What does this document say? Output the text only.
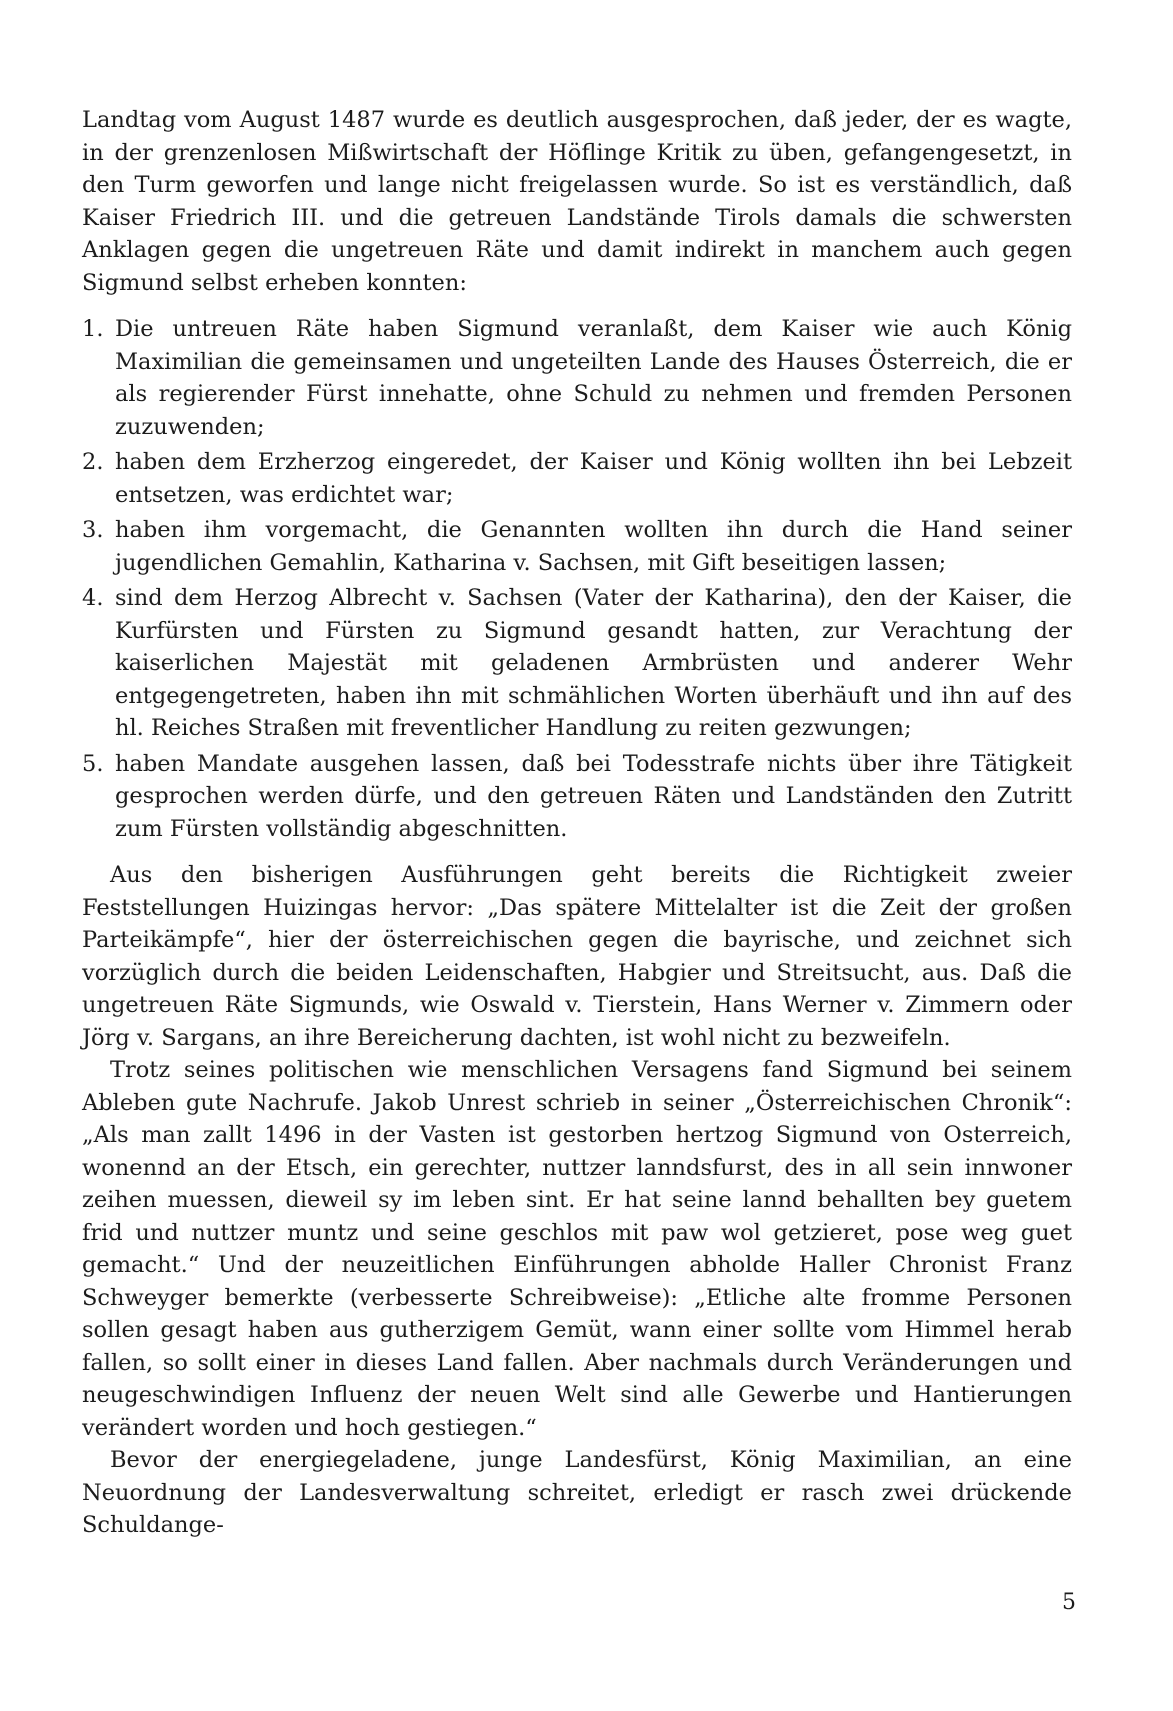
Landtag vom August 1487 wurde es deutlich ausgesprochen, daß jeder, der es wagte, in der grenzenlosen Mißwirtschaft der Höflinge Kritik zu üben, gefangengesetzt, in den Turm geworfen und lange nicht freigelassen wurde. So ist es verständlich, daß Kaiser Friedrich III. und die getreuen Landstände Tirols damals die schwersten Anklagen gegen die ungetreuen Räte und damit indirekt in manchem auch gegen Sigmund selbst erheben konnten:

1. Die untreuen Räte haben Sigmund veranlaßt, dem Kaiser wie auch König Maximilian die gemeinsamen und ungeteilten Lande des Hauses Österreich, die er als regierender Fürst innehatte, ohne Schuld zu nehmen und fremden Personen zuzuwenden;
2. haben dem Erzherzog eingeredet, der Kaiser und König wollten ihn bei Lebzeit entsetzen, was erdichtet war;
3. haben ihm vorgemacht, die Genannten wollten ihn durch die Hand seiner jugendlichen Gemahlin, Katharina v. Sachsen, mit Gift beseitigen lassen;
4. sind dem Herzog Albrecht v. Sachsen (Vater der Katharina), den der Kaiser, die Kurfürsten und Fürsten zu Sigmund gesandt hatten, zur Verachtung der kaiserlichen Majestät mit geladenen Armbrüsten und anderer Wehr entgegengetreten, haben ihn mit schmählichen Worten überhäuft und ihn auf des hl. Reiches Straßen mit freventlicher Handlung zu reiten gezwungen;
5. haben Mandate ausgehen lassen, daß bei Todesstrafe nichts über ihre Tätigkeit gesprochen werden dürfe, und den getreuen Räten und Landständen den Zutritt zum Fürsten vollständig abgeschnitten.

Aus den bisherigen Ausführungen geht bereits die Richtigkeit zweier Feststellungen Huizingas hervor: „Das spätere Mittelalter ist die Zeit der großen Parteikämpfe“, hier der österreichischen gegen die bayrische, und zeichnet sich vorzüglich durch die beiden Leidenschaften, Habgier und Streitsucht, aus. Daß die ungetreuen Räte Sigmunds, wie Oswald v. Tierstein, Hans Werner v. Zimmern oder Jörg v. Sargans, an ihre Bereicherung dachten, ist wohl nicht zu bezweifeln.

Trotz seines politischen wie menschlichen Versagens fand Sigmund bei seinem Ableben gute Nachrufe. Jakob Unrest schrieb in seiner „Österreichischen Chronik“: „Als man zallt 1496 in der Vasten ist gestorben hertzog Sigmund von Osterreich, wonennd an der Etsch, ein gerechter, nuttzer lanndsfurst, des in all sein innwoner zeihen muessen, dieweil sy im leben sint. Er hat seine lannd behallten bey guetem frid und nuttzer muntz und seine geschlos mit paw wol getzieret, pose weg guet gemacht.“ Und der neuzeitlichen Einführungen abholde Haller Chronist Franz Schweyger bemerkte (verbesserte Schreibweise): „Etliche alte fromme Personen sollen gesagt haben aus gutherzigem Gemüt, wann einer sollte vom Himmel herab fallen, so sollt einer in dieses Land fallen. Aber nachmals durch Veränderungen und neugeschwindigen Influenz der neuen Welt sind alle Gewerbe und Hantierungen verändert worden und hoch gestiegen.“

Bevor der energiegeladene, junge Landesfürst, König Maximilian, an eine Neuordnung der Landesverwaltung schreitet, erledigt er rasch zwei drückende Schuldange-

5
